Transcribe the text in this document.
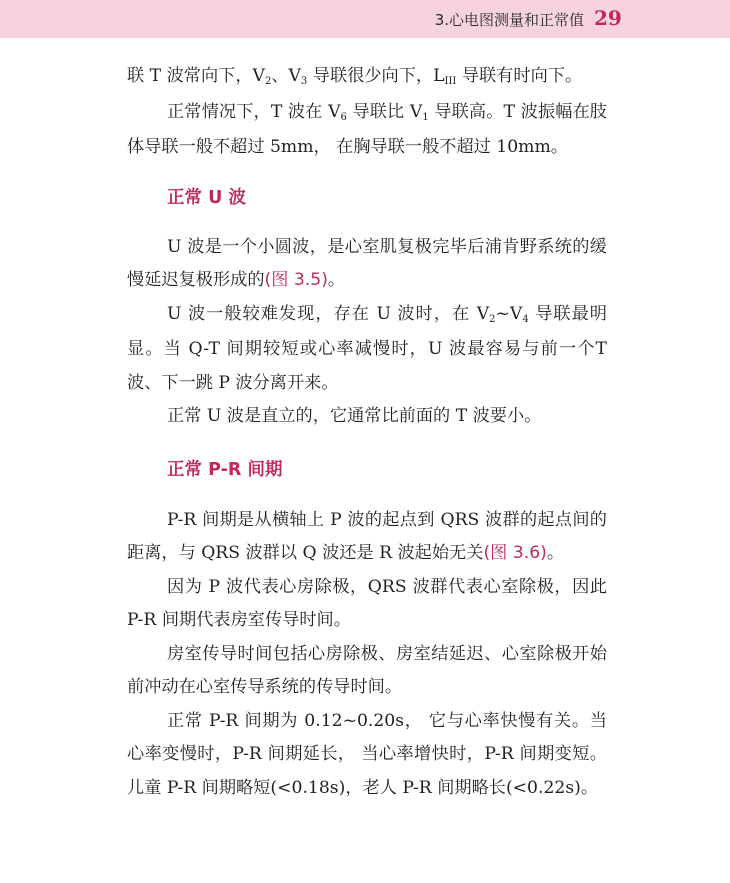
3.心电图测量和正常值 29

联 T 波常向下，$V_2$、$V_3$ 导联很少向下，$L_{III}$ 导联有时向下。

正常情况下，T 波在 $V_6$ 导联比 $V_1$ 导联高。T 波振幅在肢体导联一般不超过 5mm， 在胸导联一般不超过 10mm。

正常 U 波

U 波是一个小圆波，是心室肌复极完毕后浦肯野系统的缓慢延迟复极形成的(图 3.5)。

U 波一般较难发现，存在 U 波时，在 $V_2\sim V_4$ 导联最明显。当 Q-T 间期较短或心率减慢时，U 波最容易与前一个T 波、下一跳 P 波分离开来。

正常 U 波是直立的，它通常比前面的 T 波要小。

正常 P-R 间期

P-R 间期是从横轴上 P 波的起点到 QRS 波群的起点间的距离，与 QRS 波群以 Q 波还是 R 波起始无关(图 3.6)。

因为 P 波代表心房除极，QRS 波群代表心室除极，因此 P-R 间期代表房室传导时间。

房室传导时间包括心房除极、房室结延迟、心室除极开始前冲动在心室传导系统的传导时间。

正常 P-R 间期为 0.12~0.20s， 它与心率快慢有关。当心率变慢时，P-R 间期延长， 当心率增快时，P-R 间期变短。儿童 P-R 间期略短(<0.18s)，老人 P-R 间期略长(<0.22s)。
